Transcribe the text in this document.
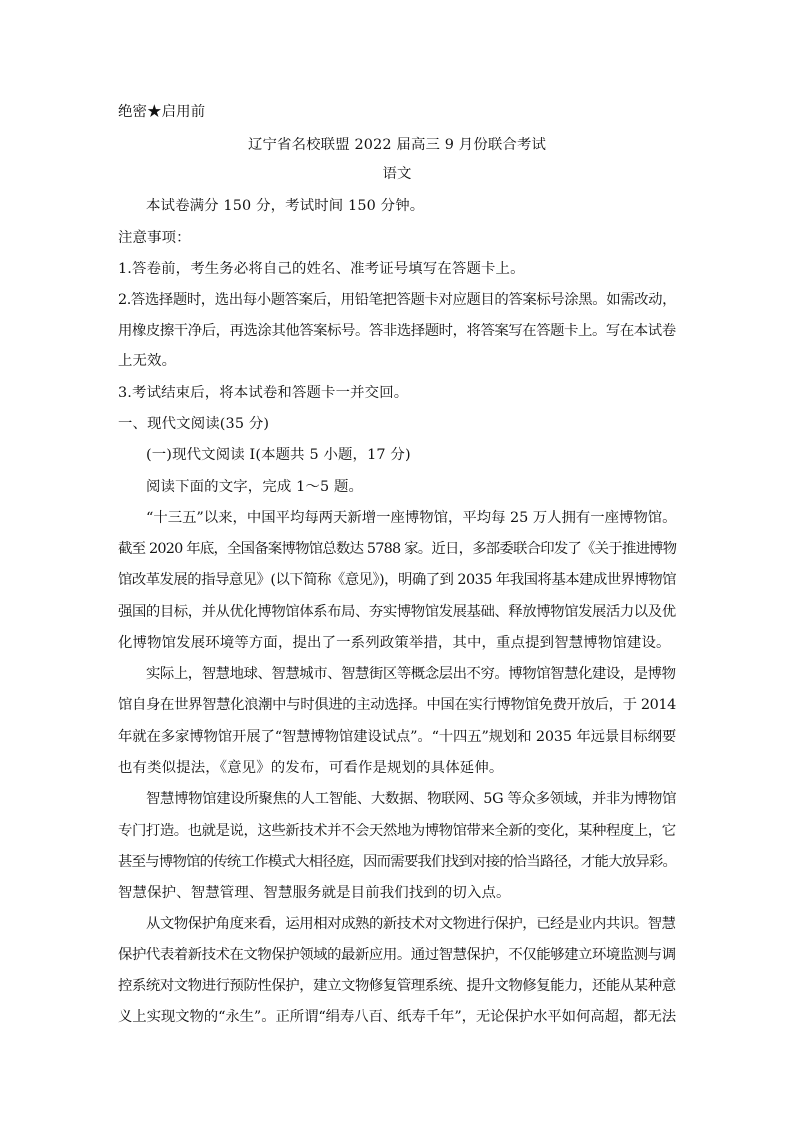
绝密★启用前
辽宁省名校联盟 2022 届高三 9 月份联合考试
语文
本试卷满分 150 分，考试时间 150 分钟。
注意事项：
1.答卷前，考生务必将自己的姓名、准考证号填写在答题卡上。
2.答选择题时，选出每小题答案后，用铅笔把答题卡对应题目的答案标号涂黑。如需改动，
用橡皮擦干净后，再选涂其他答案标号。答非选择题时，将答案写在答题卡上。写在本试卷
上无效。
3.考试结束后，将本试卷和答题卡一并交回。
一、现代文阅读(35 分)
(一)现代文阅读 I(本题共 5 小题，17 分)
阅读下面的文字，完成 1～5 题。
“十三五”以来，中国平均每两天新增一座博物馆，平均每 25 万人拥有一座博物馆。
截至 2020 年底，全国备案博物馆总数达 5788 家。近日，多部委联合印发了《关于推进博物
馆改革发展的指导意见》(以下简称《意见》)，明确了到 2035 年我国将基本建成世界博物馆
强国的目标，并从优化博物馆体系布局、夯实博物馆发展基础、释放博物馆发展活力以及优
化博物馆发展环境等方面，提出了一系列政策举措，其中，重点提到智慧博物馆建设。
实际上，智慧地球、智慧城市、智慧街区等概念层出不穷。博物馆智慧化建设，是博物
馆自身在世界智慧化浪潮中与时俱进的主动选择。中国在实行博物馆免费开放后，于 2014
年就在多家博物馆开展了“智慧博物馆建设试点”。“十四五”规划和 2035 年远景目标纲要
也有类似提法，《意见》的发布，可看作是规划的具体延伸。
智慧博物馆建设所聚焦的人工智能、大数据、物联网、5G 等众多领域，并非为博物馆
专门打造。也就是说，这些新技术并不会天然地为博物馆带来全新的变化，某种程度上，它
甚至与博物馆的传统工作模式大相径庭，因而需要我们找到对接的恰当路径，才能大放异彩。
智慧保护、智慧管理、智慧服务就是目前我们找到的切入点。
从文物保护角度来看，运用相对成熟的新技术对文物进行保护，已经是业内共识。智慧
保护代表着新技术在文物保护领域的最新应用。通过智慧保护，不仅能够建立环境监测与调
控系统对文物进行预防性保护，建立文物修复管理系统、提升文物修复能力，还能从某种意
义上实现文物的“永生”。正所谓“绢寿八百、纸寿千年”，无论保护水平如何高超，都无法
